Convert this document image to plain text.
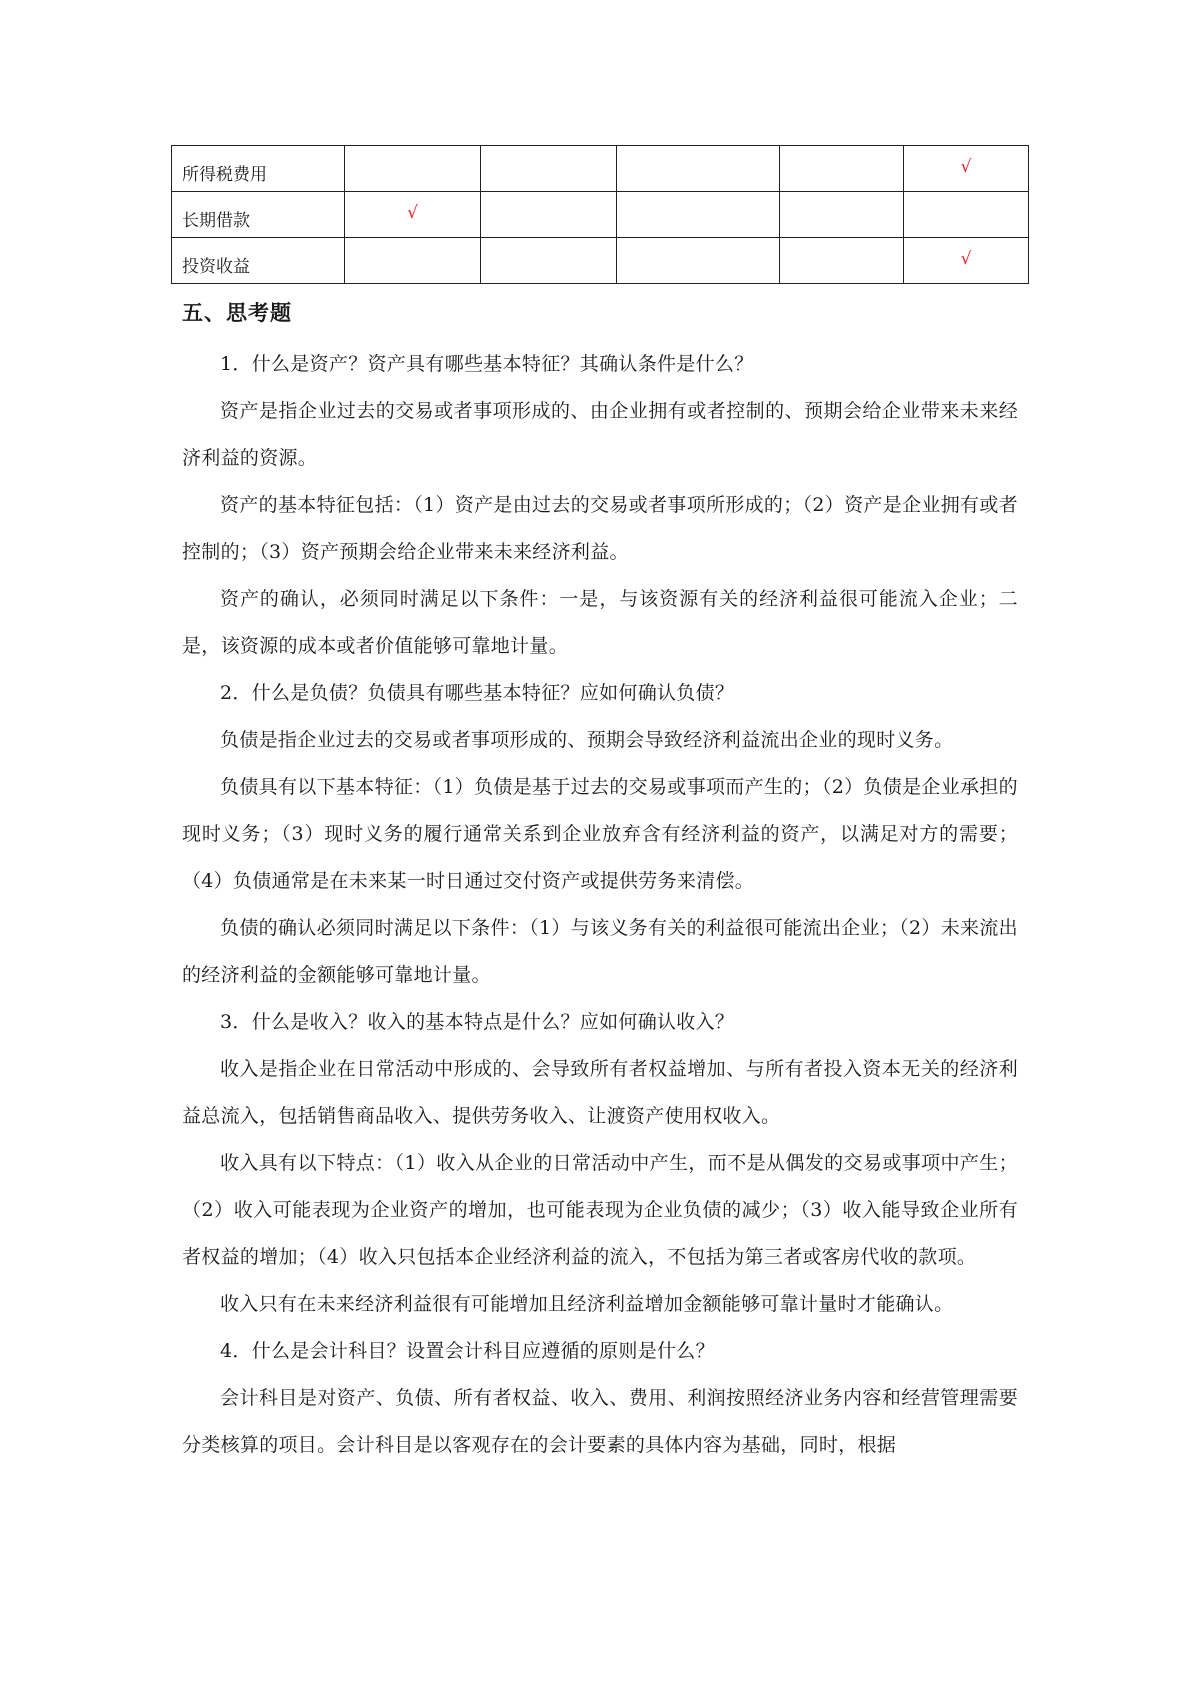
所得税费用					√
长期借款	√				
投资收益					√
五、思考题

1．什么是资产？资产具有哪些基本特征？其确认条件是什么？

资产是指企业过去的交易或者事项形成的、由企业拥有或者控制的、预期会给企业带来未来经济利益的资源。

资产的基本特征包括：（1）资产是由过去的交易或者事项所形成的；（2）资产是企业拥有或者控制的；（3）资产预期会给企业带来未来经济利益。

资产的确认，必须同时满足以下条件：一是，与该资源有关的经济利益很可能流入企业；二是，该资源的成本或者价值能够可靠地计量。

2．什么是负债？负债具有哪些基本特征？应如何确认负债？

负债是指企业过去的交易或者事项形成的、预期会导致经济利益流出企业的现时义务。

负债具有以下基本特征：（1）负债是基于过去的交易或事项而产生的；（2）负债是企业承担的现时义务；（3）现时义务的履行通常关系到企业放弃含有经济利益的资产，以满足对方的需要；（4）负债通常是在未来某一时日通过交付资产或提供劳务来清偿。

负债的确认必须同时满足以下条件：（1）与该义务有关的利益很可能流出企业；（2）未来流出的经济利益的金额能够可靠地计量。

3．什么是收入？收入的基本特点是什么？应如何确认收入？

收入是指企业在日常活动中形成的、会导致所有者权益增加、与所有者投入资本无关的经济利益总流入，包括销售商品收入、提供劳务收入、让渡资产使用权收入。

收入具有以下特点：（1）收入从企业的日常活动中产生，而不是从偶发的交易或事项中产生；（2）收入可能表现为企业资产的增加，也可能表现为企业负债的减少；（3）收入能导致企业所有者权益的增加；（4）收入只包括本企业经济利益的流入，不包括为第三者或客房代收的款项。

收入只有在未来经济利益很有可能增加且经济利益增加金额能够可靠计量时才能确认。

4．什么是会计科目？设置会计科目应遵循的原则是什么？

会计科目是对资产、负债、所有者权益、收入、费用、利润按照经济业务内容和经营管理需要分类核算的项目。会计科目是以客观存在的会计要素的具体内容为基础，同时，根据
